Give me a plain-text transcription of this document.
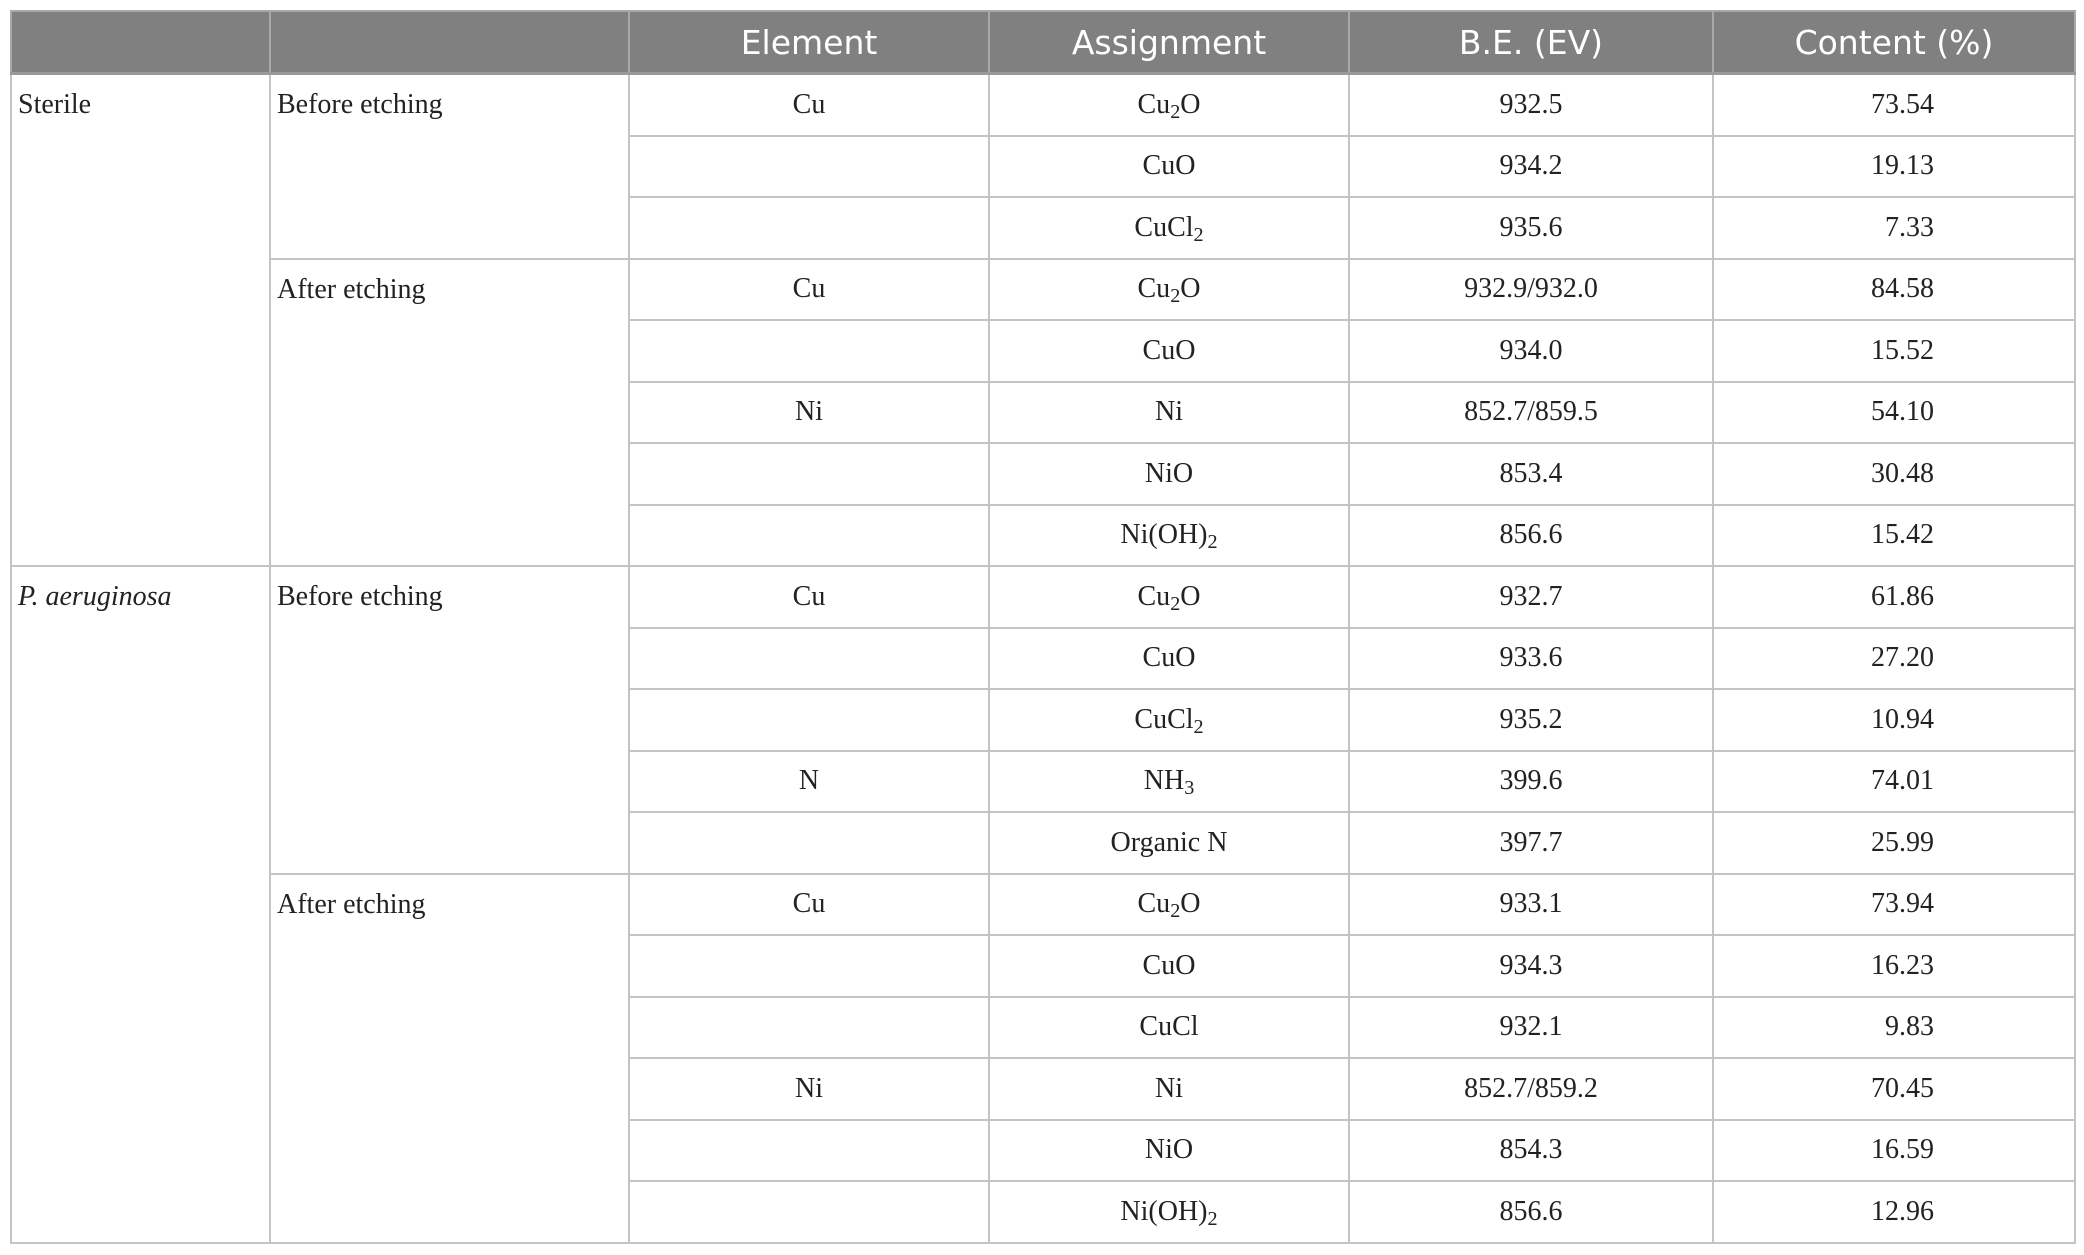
		Element	Assignment	B.E. (EV)	Content (%)
Sterile	Before etching	Cu	$Cu_2O$	932.5	73.54
			CuO	934.2	19.13
			CuCl$_2$	935.6	7.33
	After etching	Cu	$Cu_2O$	932.9/932.0	84.58
			CuO	934.0	15.52
		Ni	Ni	852.7/859.5	54.10
			NiO	853.4	30.48
			$Ni(OH)_2$	856.6	15.42
P. aeruginosa	Before etching	Cu	$Cu_2O$	932.7	61.86
			CuO	933.6	27.20
			CuCl$_2$	935.2	10.94
		N	$NH_3$	399.6	74.01
			Organic N	397.7	25.99
	After etching	Cu	$Cu_2O$	933.1	73.94
			CuO	934.3	16.23
			CuCl	932.1	9.83
		Ni	Ni	852.7/859.2	70.45
			NiO	854.3	16.59
			$Ni(OH)_2$	856.6	12.96
